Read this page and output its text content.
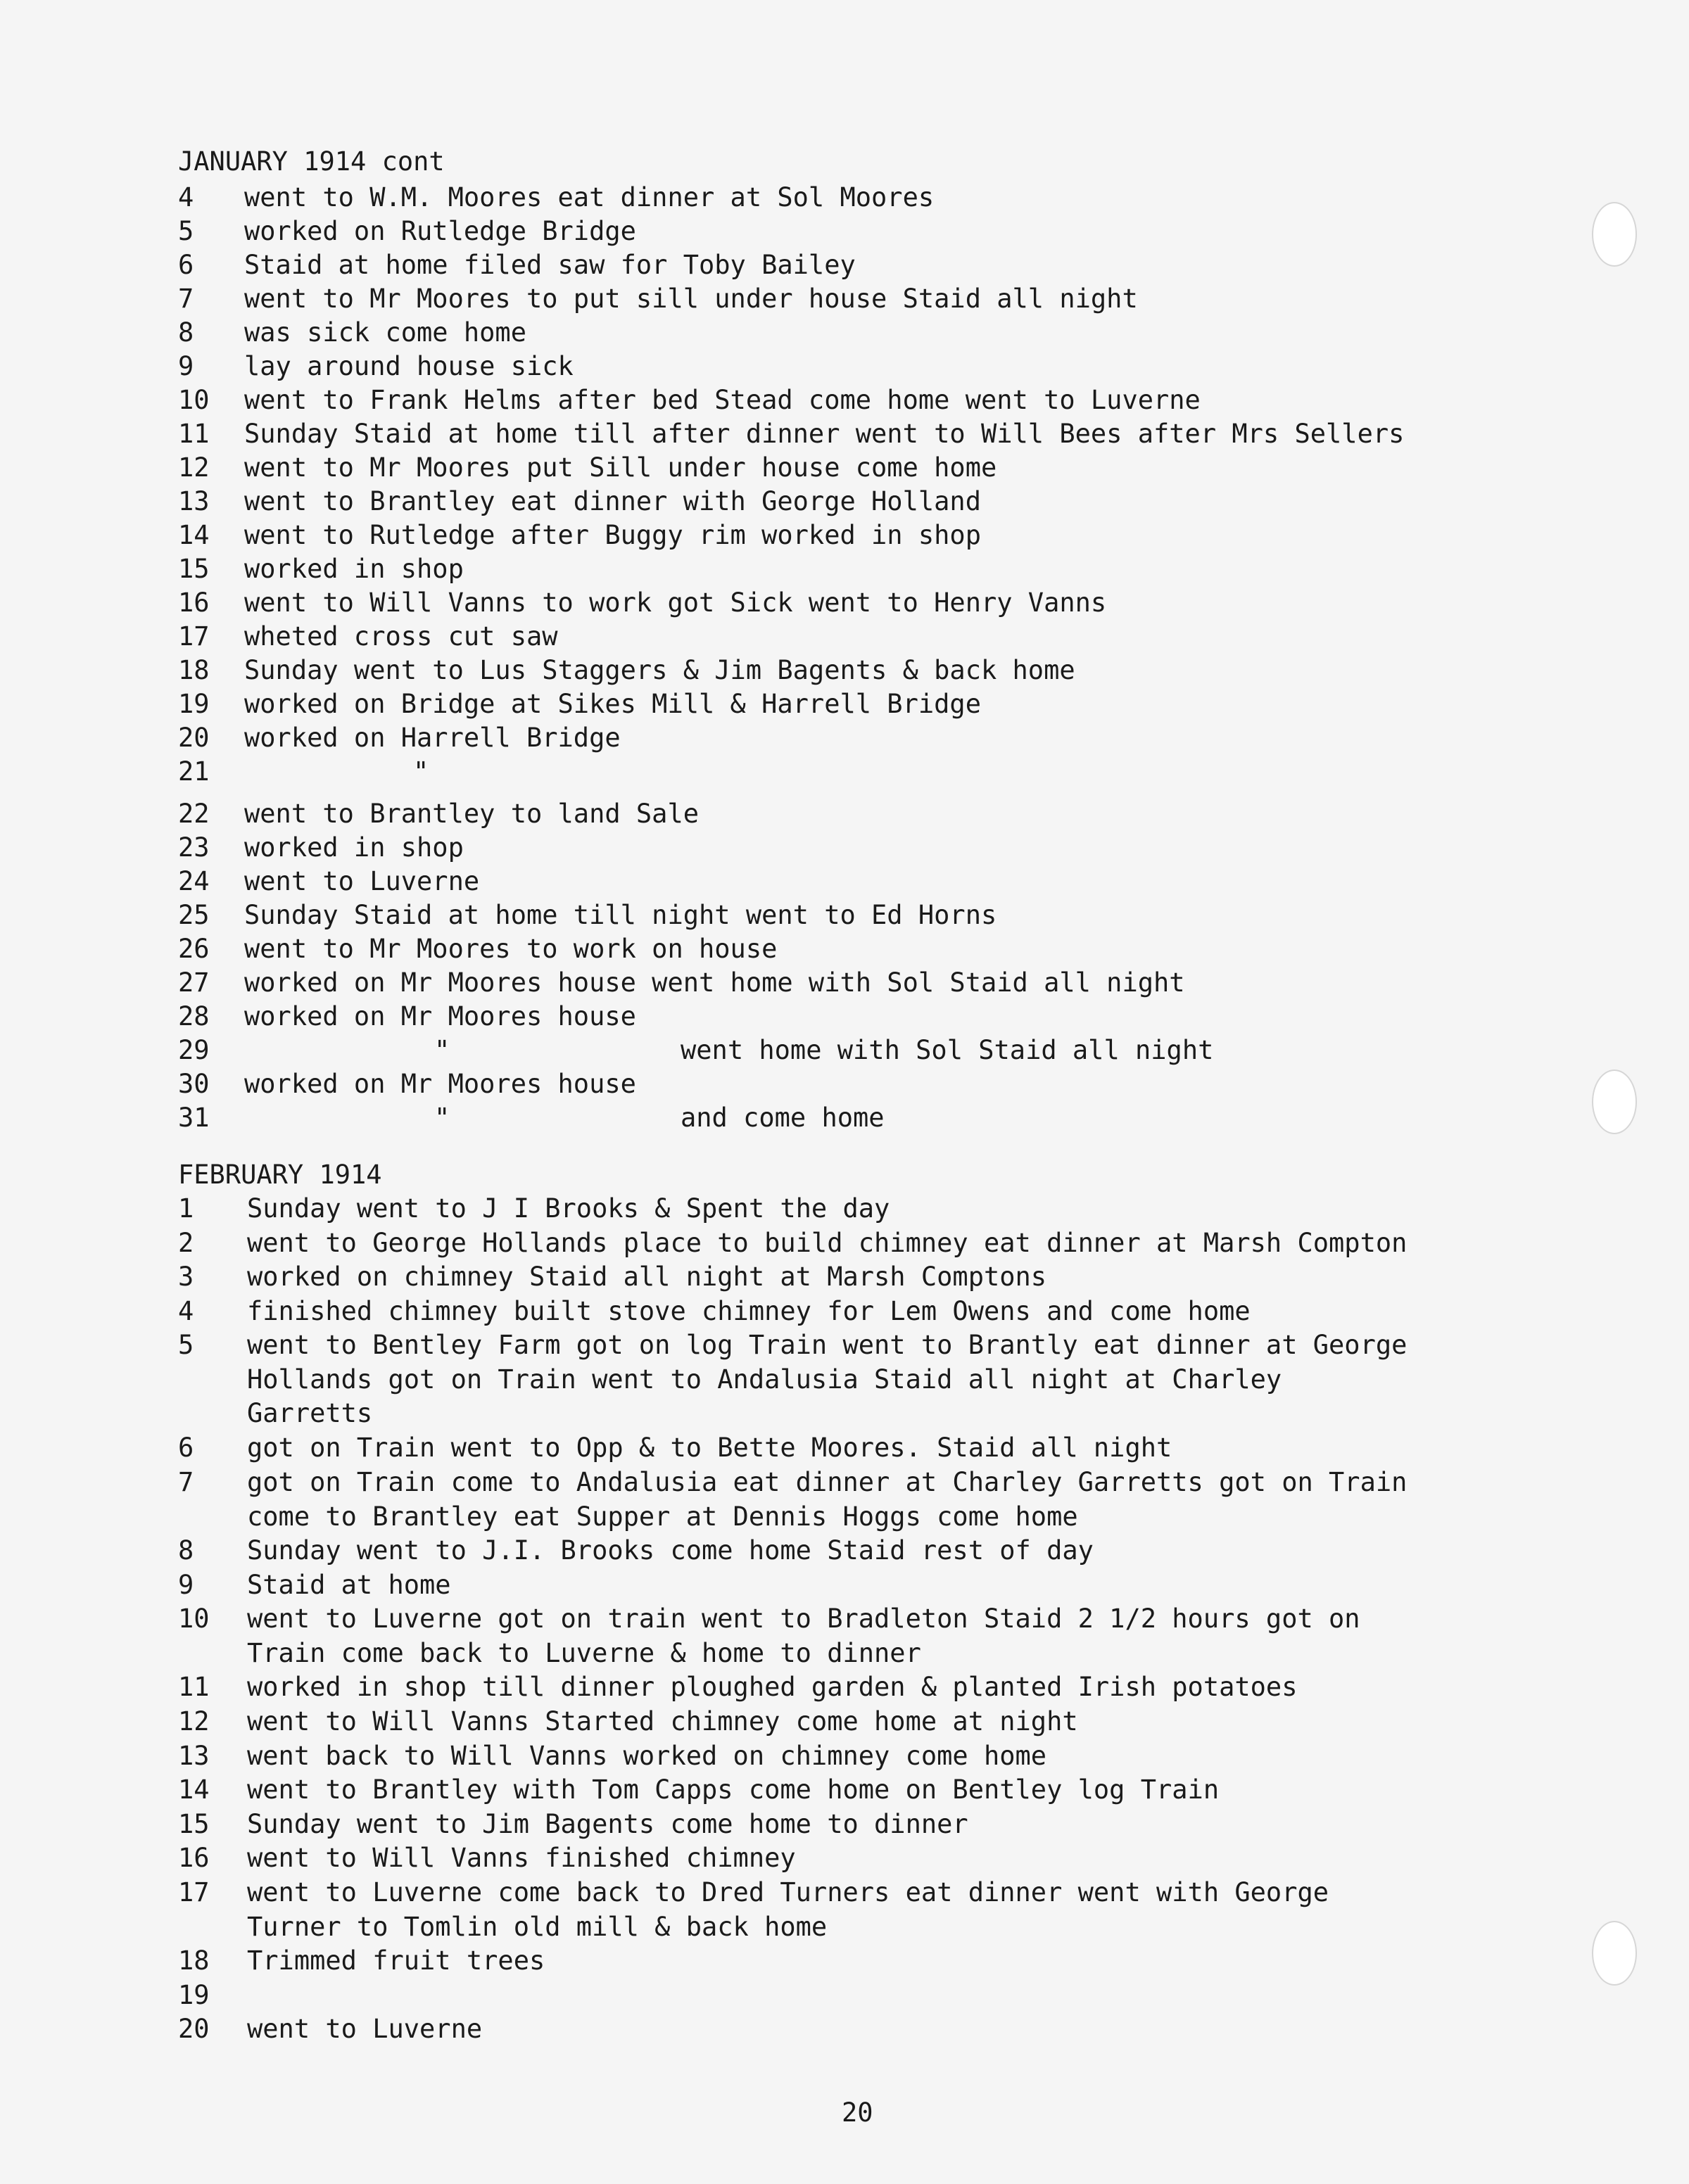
JANUARY 1914 cont
4	went to W.M. Moores eat dinner at Sol Moores
5	worked on Rutledge Bridge
6	Staid at home filed saw for Toby Bailey
7	went to Mr Moores to put sill under house Staid all night
8	was sick come home
9	lay around house sick
10	went to Frank Helms after bed Stead come home went to Luverne
11	Sunday Staid at home till after dinner went to Will Bees after Mrs Sellers
12	went to Mr Moores put Sill under house come home
13	went to Brantley eat dinner with George Holland
14	went to Rutledge after Buggy rim worked in shop
15	worked in shop
16	went to Will Vanns to work got Sick went to Henry Vanns
17	wheted cross cut saw
18	Sunday went to Lus Staggers & Jim Bagents & back home
19	worked on Bridge at Sikes Mill & Harrell Bridge
20	worked on Harrell Bridge
21	"
22	went to Brantley to land Sale
23	worked in shop
24	went to Luverne
25	Sunday Staid at home till night went to Ed Horns
26	went to Mr Moores to work on house
27	worked on Mr Moores house went home with Sol Staid all night
28	worked on Mr Moores house
29	"	went home with Sol Staid all night
30	worked on Mr Moores house
31	"	and come home
FEBRUARY 1914
1	Sunday went to J I Brooks & Spent the day
2	went to George Hollands place to build chimney eat dinner at Marsh Compton
3	worked on chimney Staid all night at Marsh Comptons
4	finished chimney built stove chimney for Lem Owens and come home
5	went to Bentley Farm got on log Train went to Brantly eat dinner at George
Hollands got on Train went to Andalusia Staid all night at Charley
Garretts
6	got on Train went to Opp & to Bette Moores. Staid all night
7	got on Train come to Andalusia eat dinner at Charley Garretts got on Train
come to Brantley eat Supper at Dennis Hoggs come home
8	Sunday went to J.I. Brooks come home Staid rest of day
9	Staid at home
10	went to Luverne got on train went to Bradleton Staid 2 1/2 hours got on
Train come back to Luverne & home to dinner
11	worked in shop till dinner ploughed garden & planted Irish potatoes
12	went to Will Vanns Started chimney come home at night
13	went back to Will Vanns worked on chimney come home
14	went to Brantley with Tom Capps come home on Bentley log Train
15	Sunday went to Jim Bagents come home to dinner
16	went to Will Vanns finished chimney
17	went to Luverne come back to Dred Turners eat dinner went with George
Turner to Tomlin old mill & back home
18	Trimmed fruit trees
19
20	went to Luverne
20
